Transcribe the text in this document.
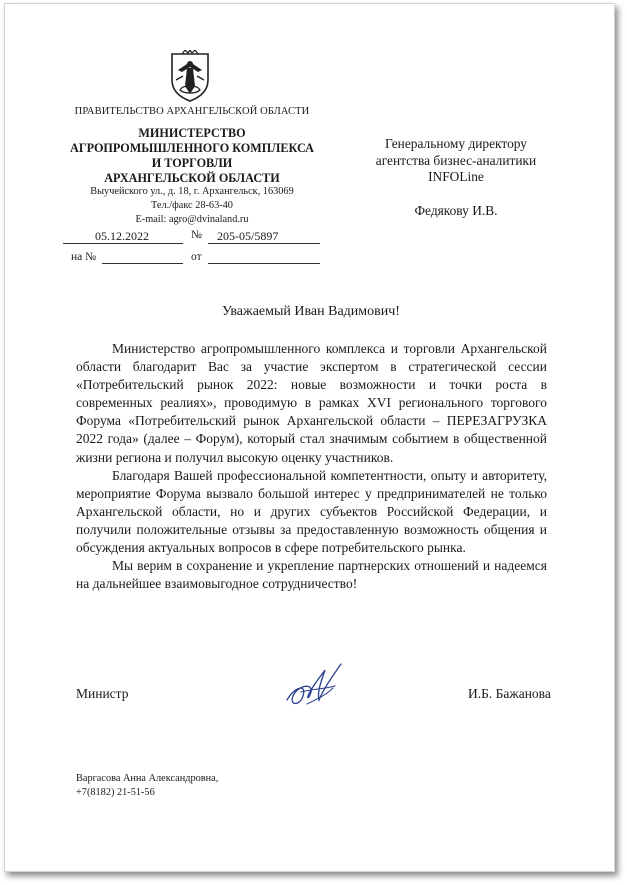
ПРАВИТЕЛЬСТВО АРХАНГЕЛЬСКОЙ ОБЛАСТИ
МИНИСТЕРСТВО
АГРОПРОМЫШЛЕННОГО КОМПЛЕКСА
И ТОРГОВЛИ
АРХАНГЕЛЬСКОЙ ОБЛАСТИ
Выучейского ул., д. 18, г. Архангельск, 163069
Тел./факс 28-63-40
E-mail: agro@dvinaland.ru
05.12.2022	№ 205-05/5897
на №	от
Генеральному директору
агентства бизнес-аналитики
INFOLine
Федякову И.В.
Уважаемый Иван Вадимович!

Министерство агропромышленного комплекса и торговли Архангельской области благодарит Вас за участие экспертом в стратегической сессии «Потребительский рынок 2022: новые возможности и точки роста в современных реалиях», проводимую в рамках XVI регионального торгового Форума «Потребительский рынок Архангельской области – ПЕРЕЗАГРУЗКА 2022 года» (далее – Форум), который стал значимым событием в общественной жизни региона и получил высокую оценку участников.

Благодаря Вашей профессиональной компетентности, опыту и авторитету, мероприятие Форума вызвало большой интерес у предпринимателей не только Архангельской области, но и других субъектов Российской Федерации, и получили положительные отзывы за предоставленную возможность общения и обсуждения актуальных вопросов в сфере потребительского рынка.

Мы верим в сохранение и укрепление партнерских отношений и надеемся на дальнейшее взаимовыгодное сотрудничество!

Министр	И.Б. Бажанова
Варгасова Анна Александровна,
+7(8182) 21-51-56
